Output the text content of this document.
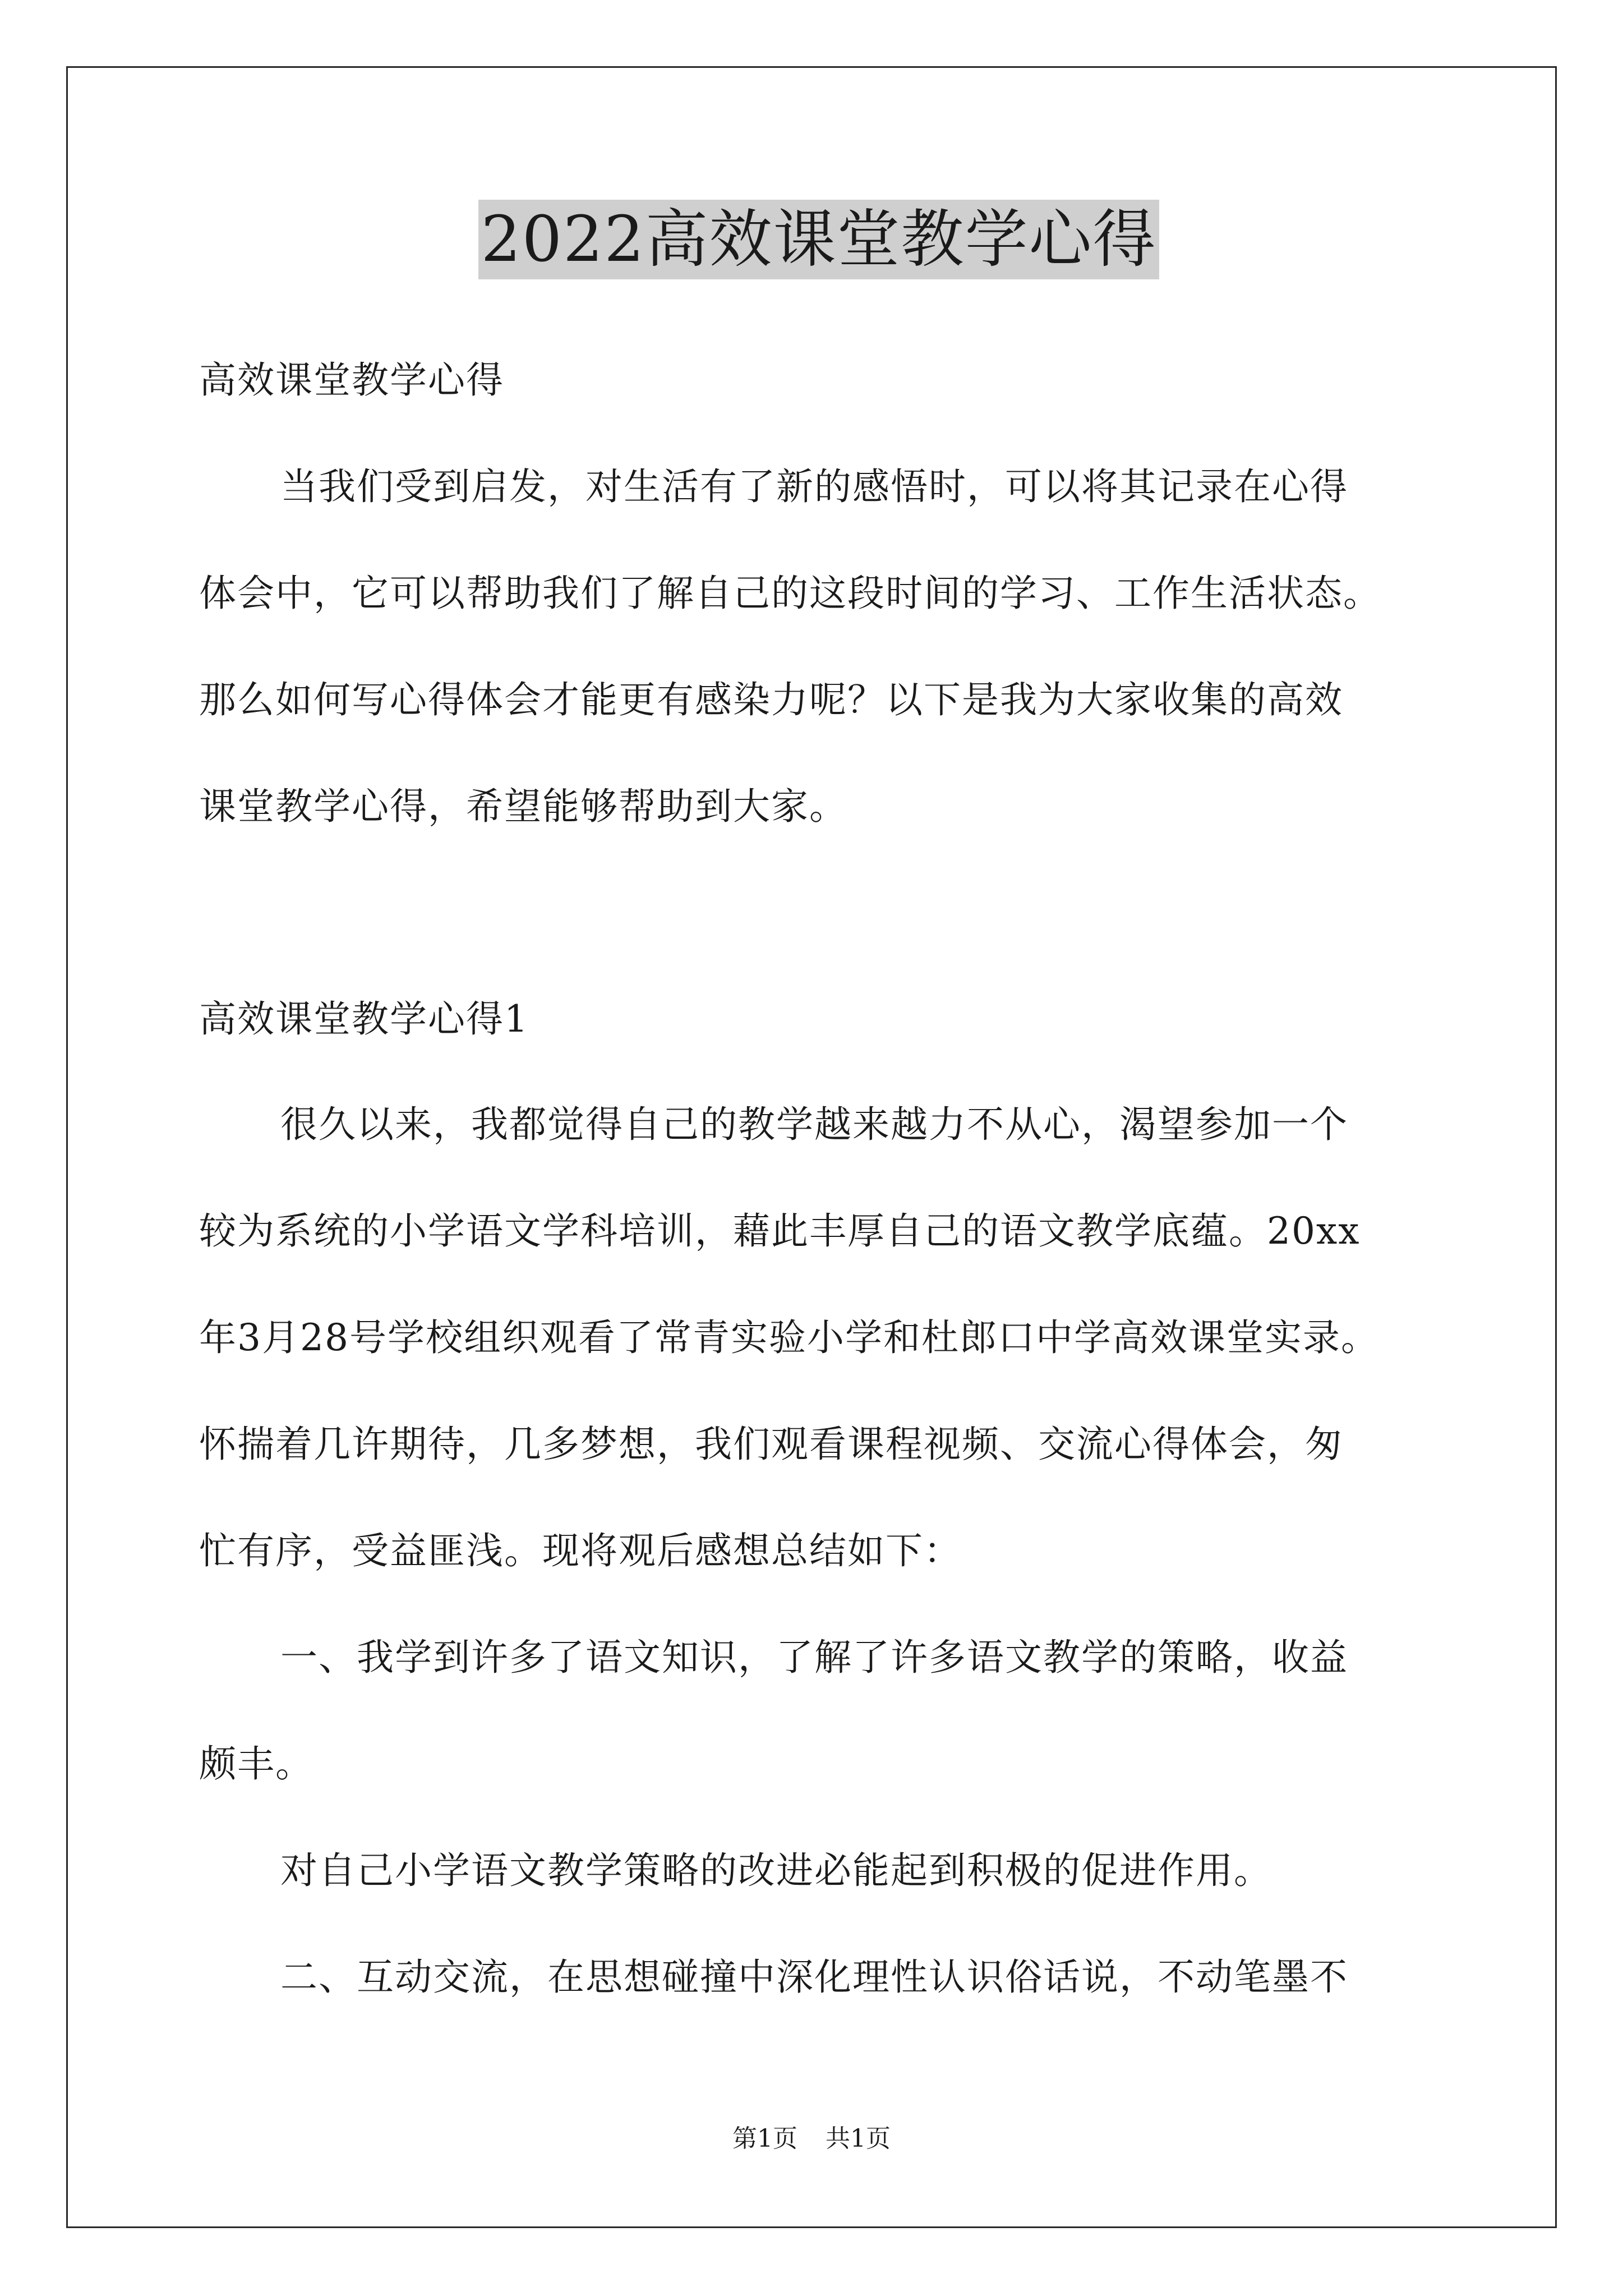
2022高效课堂教学心得
高效课堂教学心得
当我们受到启发，对生活有了新的感悟时，可以将其记录在心得
体会中，它可以帮助我们了解自己的这段时间的学习、工作生活状态。
那么如何写心得体会才能更有感染力呢？以下是我为大家收集的高效
课堂教学心得，希望能够帮助到大家。
高效课堂教学心得1
很久以来，我都觉得自己的教学越来越力不从心，渴望参加一个
较为系统的小学语文学科培训，藉此丰厚自己的语文教学底蕴。20xx
年3月28号学校组织观看了常青实验小学和杜郎口中学高效课堂实录。
怀揣着几许期待，几多梦想，我们观看课程视频、交流心得体会，匆
忙有序，受益匪浅。现将观后感想总结如下：
一、我学到许多了语文知识，了解了许多语文教学的策略，收益
颇丰。
对自己小学语文教学策略的改进必能起到积极的促进作用。
二、互动交流，在思想碰撞中深化理性认识俗话说，不动笔墨不
第1页 共1页
